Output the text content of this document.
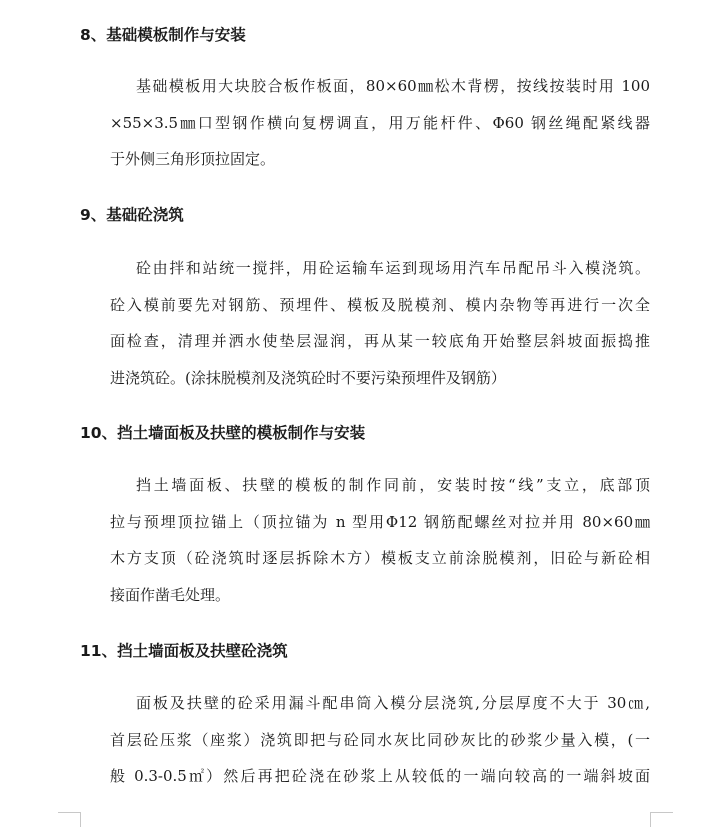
8、基础模板制作与安装
基础模板用大块胶合板作板面，80×60㎜松木背楞，按线按装时用 100
×55×3.5㎜口型钢作横向复楞调直，用万能杆件、Φ60 钢丝绳配紧线器
于外侧三角形顶拉固定。
9、基础砼浇筑
砼由拌和站统一搅拌，用砼运输车运到现场用汽车吊配吊斗入模浇筑。
砼入模前要先对钢筋、预埋件、模板及脱模剂、模内杂物等再进行一次全
面检查，清理并洒水使垫层湿润，再从某一较底角开始整层斜坡面振捣推
进浇筑砼。(涂抹脱模剂及浇筑砼时不要污染预埋件及钢筋）
10、挡土墙面板及扶壁的模板制作与安装
挡土墙面板、扶壁的模板的制作同前，安装时按“线”支立，底部顶
拉与预埋顶拉锚上（顶拉锚为 n 型用Φ12 钢筋配螺丝对拉并用 80×60㎜
木方支顶（砼浇筑时逐层拆除木方）模板支立前涂脱模剂，旧砼与新砼相
接面作凿毛处理。
11、挡土墙面板及扶壁砼浇筑
面板及扶壁的砼采用漏斗配串筒入模分层浇筑,分层厚度不大于 30㎝,
首层砼压浆（座浆）浇筑即把与砼同水灰比同砂灰比的砂浆少量入模，(一
般 0.3-0.5㎡）然后再把砼浇在砂浆上从较低的一端向较高的一端斜坡面
